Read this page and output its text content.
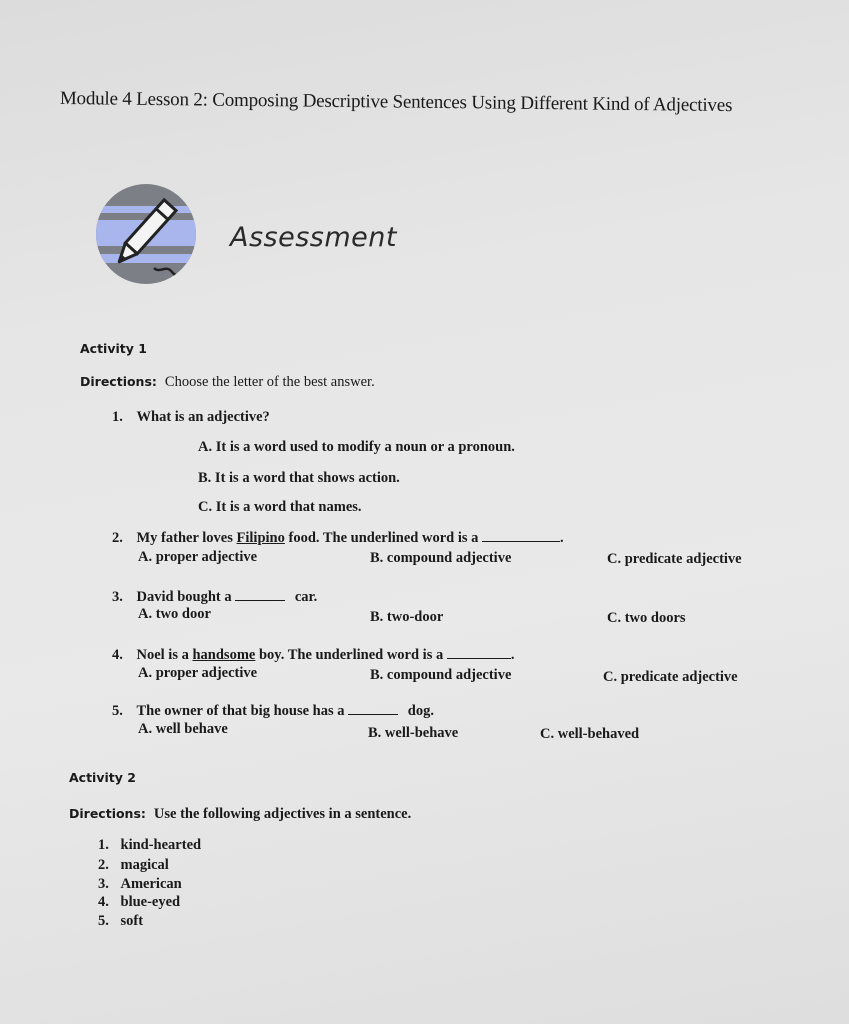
Module 4 Lesson 2: Composing Descriptive Sentences Using Different Kind of Adjectives
Assessment
Activity 1
Directions: Choose the letter of the best answer.
1. What is an adjective?
A. It is a word used to modify a noun or a pronoun.
B. It is a word that shows action.
C. It is a word that names.
2. My father loves Filipino food. The underlined word is a	.
A. proper adjective	B. compound adjective	C. predicate adjective
3. David bought a	car.
A. two door	B. two-door	C. two doors
4. Noel is a handsome boy. The underlined word is a	.
A. proper adjective	B. compound adjective	C. predicate adjective
5. The owner of that big house has a	dog.
A. well behave	B. well-behave	C. well-behaved
Activity 2
Directions: Use the following adjectives in a sentence.
1. kind-hearted
2. magical
3. American
4. blue-eyed
5. soft
